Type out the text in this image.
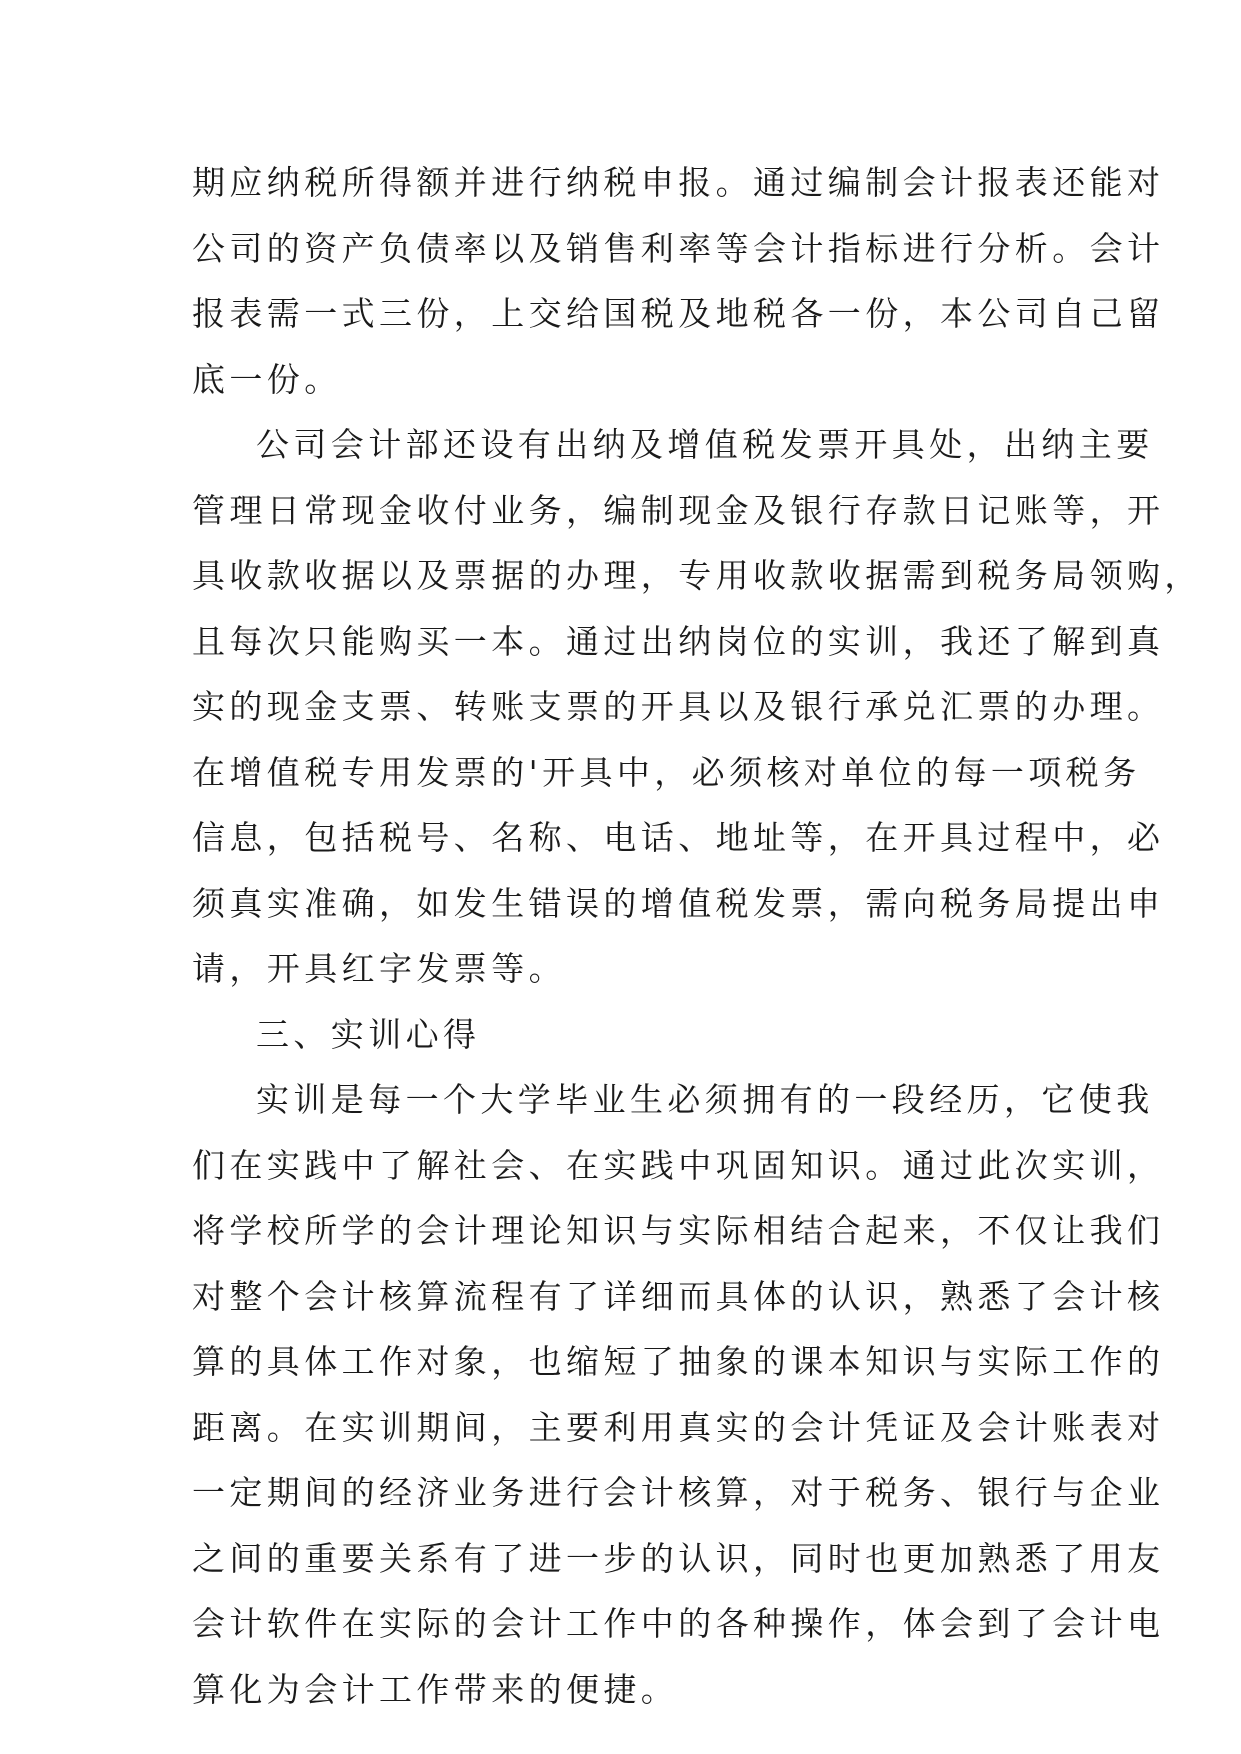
期应纳税所得额并进行纳税申报。通过编制会计报表还能对
公司的资产负债率以及销售利率等会计指标进行分析。会计
报表需一式三份，上交给国税及地税各一份，本公司自己留
底一份。
公司会计部还设有出纳及增值税发票开具处，出纳主要
管理日常现金收付业务，编制现金及银行存款日记账等，开
具收款收据以及票据的办理，专用收款收据需到税务局领购，
且每次只能购买一本。通过出纳岗位的实训，我还了解到真
实的现金支票、转账支票的开具以及银行承兑汇票的办理。
在增值税专用发票的'开具中，必须核对单位的每一项税务
信息，包括税号、名称、电话、地址等，在开具过程中，必
须真实准确，如发生错误的增值税发票，需向税务局提出申
请，开具红字发票等。
三、实训心得
实训是每一个大学毕业生必须拥有的一段经历，它使我
们在实践中了解社会、在实践中巩固知识。通过此次实训，
将学校所学的会计理论知识与实际相结合起来，不仅让我们
对整个会计核算流程有了详细而具体的认识，熟悉了会计核
算的具体工作对象，也缩短了抽象的课本知识与实际工作的
距离。在实训期间，主要利用真实的会计凭证及会计账表对
一定期间的经济业务进行会计核算，对于税务、银行与企业
之间的重要关系有了进一步的认识，同时也更加熟悉了用友
会计软件在实际的会计工作中的各种操作，体会到了会计电
算化为会计工作带来的便捷。
